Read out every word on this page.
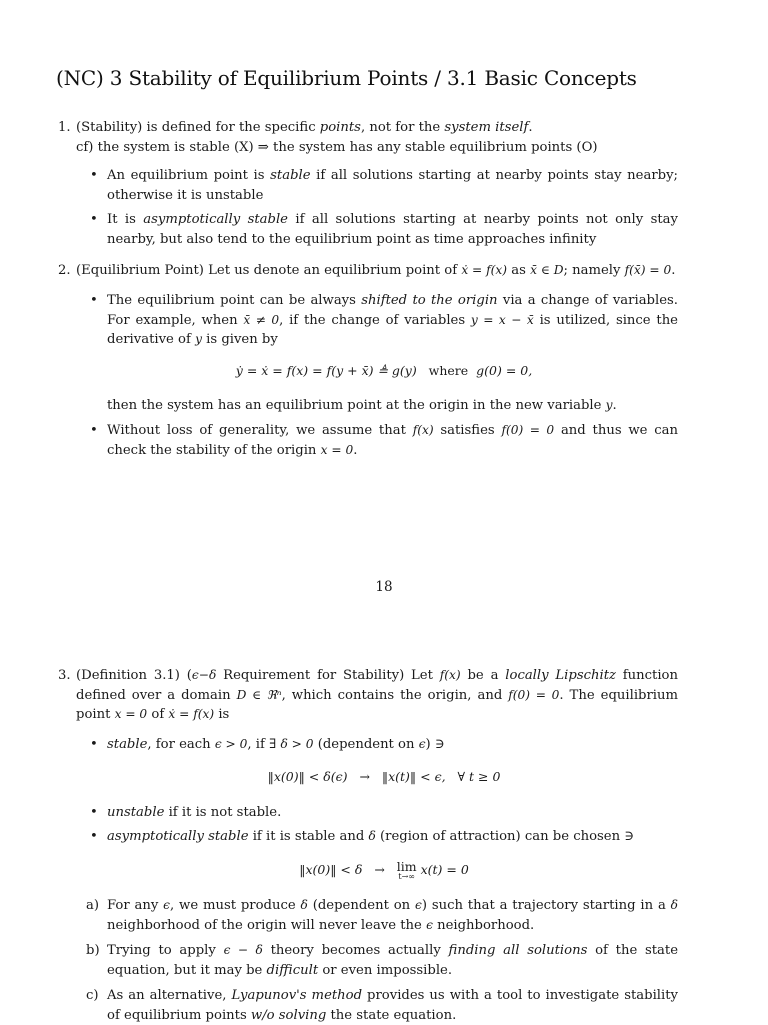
(NC) 3 Stability of Equilibrium Points / 3.1 Basic Concepts
1. (Stability) is defined for the specific points, not for the system itself.
cf) the system is stable (X) ⇒ the system has any stable equilibrium points (O)
• An equilibrium point is stable if all solutions starting at nearby points stay nearby; otherwise it is unstable
• It is asymptotically stable if all solutions starting at nearby points not only stay nearby, but also tend to the equilibrium point as time approaches infinity
2. (Equilibrium Point) Let us denote an equilibrium point of ẋ = f(x) as x̄ ∈ D; namely f(x̄) = 0.
• The equilibrium point can be always shifted to the origin via a change of variables. For example, when x̄ ≠ 0, if the change of variables y = x − x̄ is utilized, since the derivative of y is given by
ẏ = ẋ = f(x) = f(y + x̄) ≜ g(y) where g(0) = 0,
then the system has an equilibrium point at the origin in the new variable y.
• Without loss of generality, we assume that f(x) satisfies f(0) = 0 and thus we can check the stability of the origin x = 0.
18
3. (Definition 3.1) (ϵ−δ Requirement for Stability) Let f(x) be a locally Lipschitz function defined over a domain D ∈ ℜⁿ, which contains the origin, and f(0) = 0. The equilibrium point x = 0 of ẋ = f(x) is
• stable, for each ϵ > 0, if ∃ δ > 0 (dependent on ϵ) ∋
‖x(0)‖ < δ(ϵ)   →   ‖x(t)‖ < ϵ,   ∀ t ≥ 0
• unstable if it is not stable.
• asymptotically stable if it is stable and δ (region of attraction) can be chosen ∋
‖x(0)‖ < δ   →   lim
t→∞ x(t) = 0
a) For any ϵ, we must produce δ (dependent on ϵ) such that a trajectory starting in a δ neighborhood of the origin will never leave the ϵ neighborhood.
b) Trying to apply ϵ − δ theory becomes actually finding all solutions of the state equation, but it may be difficult or even impossible.
c) As an alternative, Lyapunov's method provides us with a tool to investigate stability of equilibrium points w/o solving the state equation.
